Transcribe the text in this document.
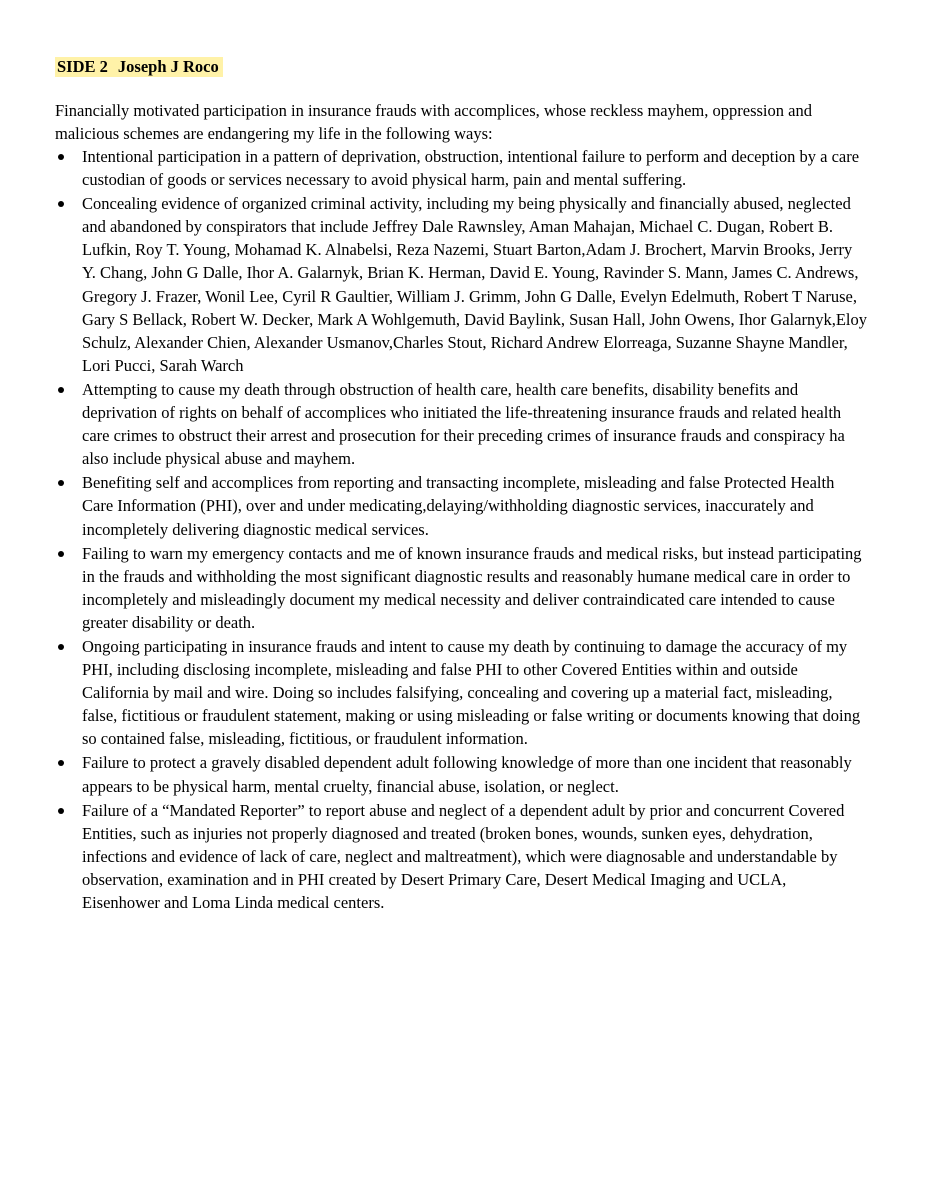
SIDE 2 Joseph J Roco

Financially motivated participation in insurance frauds with accomplices, whose reckless mayhem, oppression and malicious schemes are endangering my life in the following ways:

Intentional participation in a pattern of deprivation, obstruction, intentional failure to perform and deception by a care custodian of goods or services necessary to avoid physical harm, pain and mental suffering.
Concealing evidence of organized criminal activity, including my being physically and financially abused, neglected and abandoned by conspirators that include Jeffrey Dale Rawnsley, Aman Mahajan, Michael C. Dugan, Robert B. Lufkin, Roy T. Young, Mohamad K. Alnabelsi, Reza Nazemi, Stuart Barton,Adam J. Brochert, Marvin Brooks, Jerry Y. Chang, John G Dalle, Ihor A. Galarnyk, Brian K. Herman, David E. Young, Ravinder S. Mann, James C. Andrews, Gregory J. Frazer, Wonil Lee, Cyril R Gaultier, William J. Grimm, John G Dalle, Evelyn Edelmuth, Robert T Naruse, Gary S Bellack, Robert W. Decker, Mark A Wohlgemuth, David Baylink, Susan Hall, John Owens, Ihor Galarnyk,Eloy Schulz, Alexander Chien, Alexander Usmanov,Charles Stout, Richard Andrew Elorreaga, Suzanne Shayne Mandler, Lori Pucci, Sarah Warch
Attempting to cause my death through obstruction of health care, health care benefits, disability benefits and deprivation of rights on behalf of accomplices who initiated the life-threatening insurance frauds and related health care crimes to obstruct their arrest and prosecution for their preceding crimes of insurance frauds and conspiracy ha also include physical abuse and mayhem.
Benefiting self and accomplices from reporting and transacting incomplete, misleading and false Protected Health Care Information (PHI), over and under medicating,delaying/withholding diagnostic services, inaccurately and incompletely delivering diagnostic medical services.
Failing to warn my emergency contacts and me of known insurance frauds and medical risks, but instead participating in the frauds and withholding the most significant diagnostic results and reasonably humane medical care in order to incompletely and misleadingly document my medical necessity and deliver contraindicated care intended to cause greater disability or death.
Ongoing participating in insurance frauds and intent to cause my death by continuing to damage the accuracy of my PHI, including disclosing incomplete, misleading and false PHI to other Covered Entities within and outside California by mail and wire. Doing so includes falsifying, concealing and covering up a material fact, misleading, false, fictitious or fraudulent statement, making or using misleading or false writing or documents knowing that doing so contained false, misleading, fictitious, or fraudulent information.
Failure to protect a gravely disabled dependent adult following knowledge of more than one incident that reasonably appears to be physical harm, mental cruelty, financial abuse, isolation, or neglect.
Failure of a “Mandated Reporter” to report abuse and neglect of a dependent adult by prior and concurrent Covered Entities, such as injuries not properly diagnosed and treated (broken bones, wounds, sunken eyes, dehydration, infections and evidence of lack of care, neglect and maltreatment), which were diagnosable and understandable by observation, examination and in PHI created by Desert Primary Care, Desert Medical Imaging and UCLA, Eisenhower and Loma Linda medical centers.
